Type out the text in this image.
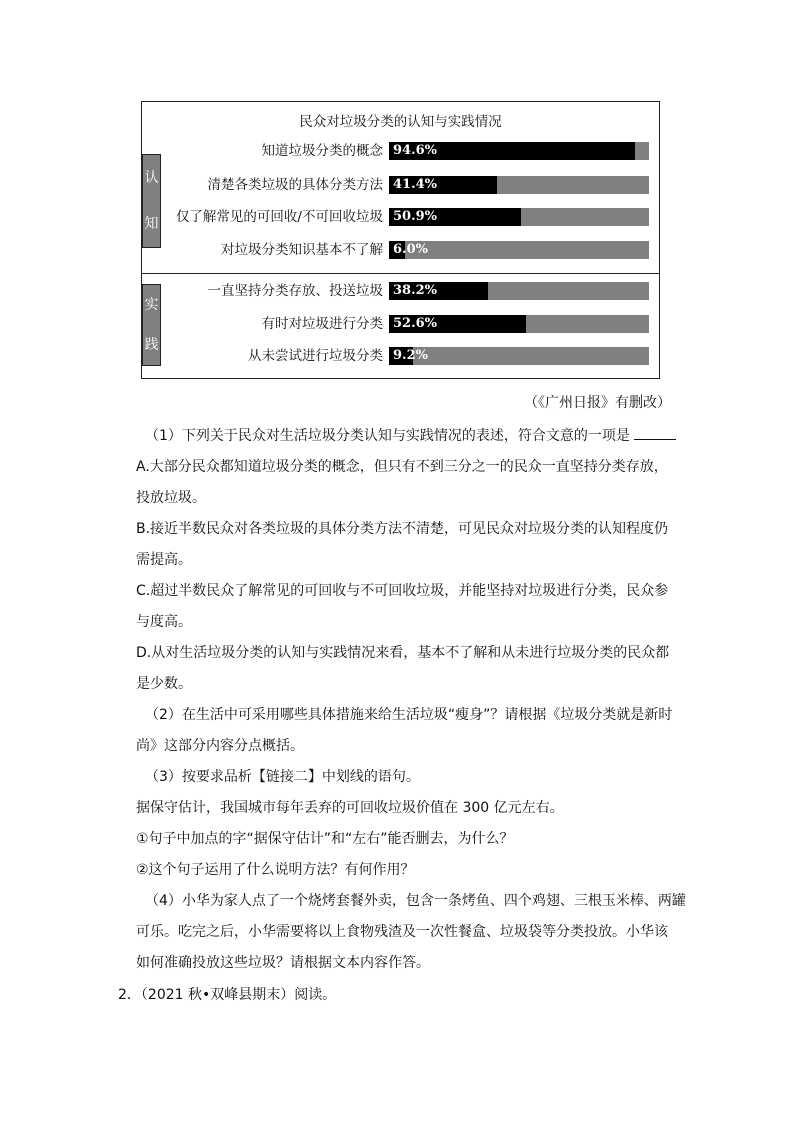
民众对垃圾分类的认知与实践情况
认
知
实
践
知道垃圾分类的概念 94.6%
清楚各类垃圾的具体分类方法 41.4%
仅了解常见的可回收/不可回收垃圾 50.9%
对垃圾分类知识基本不了解 6.0%
一直坚持分类存放、投送垃圾 38.2%
有时对垃圾进行分类 52.6%
从未尝试进行垃圾分类 9.2%
（《广州日报》有删改）
（1）下列关于民众对生活垃圾分类认知与实践情况的表述，符合文意的一项是
A.大部分民众都知道垃圾分类的概念，但只有不到三分之一的民众一直坚持分类存放，
投放垃圾。
B.接近半数民众对各类垃圾的具体分类方法不清楚，可见民众对垃圾分类的认知程度仍
需提高。
C.超过半数民众了解常见的可回收与不可回收垃圾，并能坚持对垃圾进行分类，民众参
与度高。
D.从对生活垃圾分类的认知与实践情况来看，基本不了解和从未进行垃圾分类的民众都
是少数。
（2）在生活中可采用哪些具体措施来给生活垃圾“瘦身”？请根据《垃圾分类就是新时
尚》这部分内容分点概括。
（3）按要求品析【链接二】中划线的语句。
据保守估计，我国城市每年丢弃的可回收垃圾价值在 300 亿元左右。
①句子中加点的字“据保守估计”和“左右”能否删去，为什么？
②这个句子运用了什么说明方法？有何作用？
（4）小华为家人点了一个烧烤套餐外卖，包含一条烤鱼、四个鸡翅、三根玉米棒、两罐
可乐。吃完之后，小华需要将以上食物残渣及一次性餐盒、垃圾袋等分类投放。小华该
如何准确投放这些垃圾？请根据文本内容作答。
2．（2021 秋•双峰县期末）阅读。
